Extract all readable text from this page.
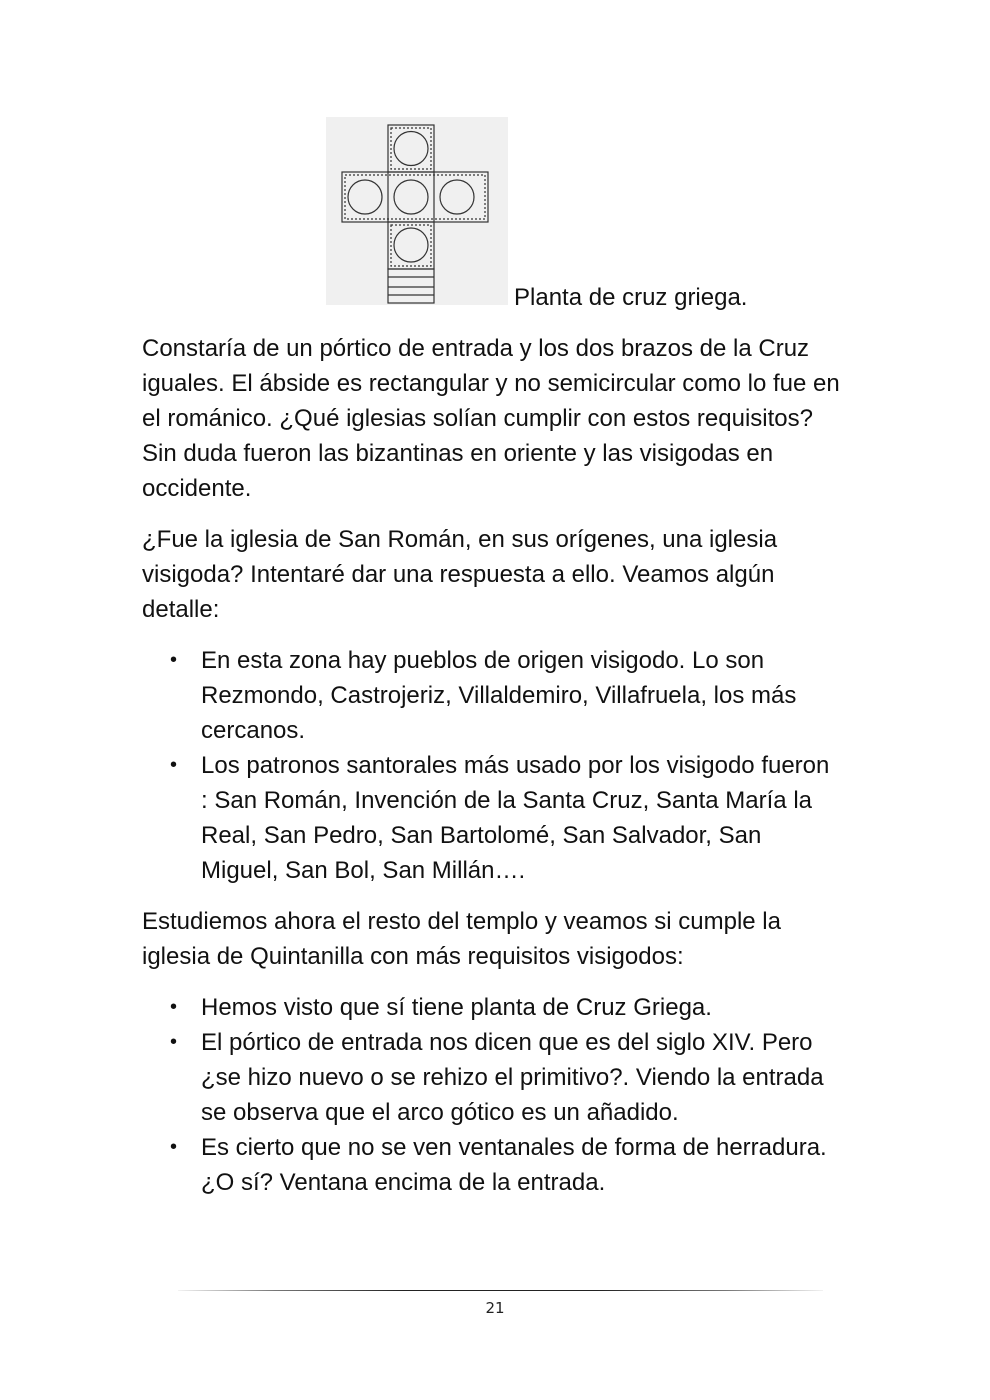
Planta de cruz griega.

Constaría de un pórtico de entrada y los dos brazos de la Cruz iguales. El ábside es rectangular y no semicircular como lo fue en el románico. ¿Qué iglesias solían cumplir con estos requisitos? Sin duda fueron las bizantinas en oriente y las visigodas en occidente.

¿Fue la iglesia de San Román, en sus orígenes, una iglesia visigoda? Intentaré dar una respuesta a ello. Veamos algún detalle:

• En esta zona hay pueblos de origen visigodo. Lo son Rezmondo, Castrojeriz, Villaldemiro, Villafruela, los más cercanos.
• Los patronos santorales más usado por los visigodo fueron : San Román, Invención de la Santa Cruz, Santa María la Real, San Pedro, San Bartolomé, San Salvador, San Miguel, San Bol, San Millán….

Estudiemos ahora el resto del templo y veamos si cumple la iglesia de Quintanilla con más requisitos visigodos:

• Hemos visto que sí tiene planta de Cruz Griega.
• El pórtico de entrada nos dicen que es del siglo XIV. Pero ¿se hizo nuevo o se rehizo el primitivo?. Viendo la entrada se observa que el arco gótico es un añadido.
• Es cierto que no se ven ventanales de forma de herradura. ¿O sí? Ventana encima de la entrada.
21
